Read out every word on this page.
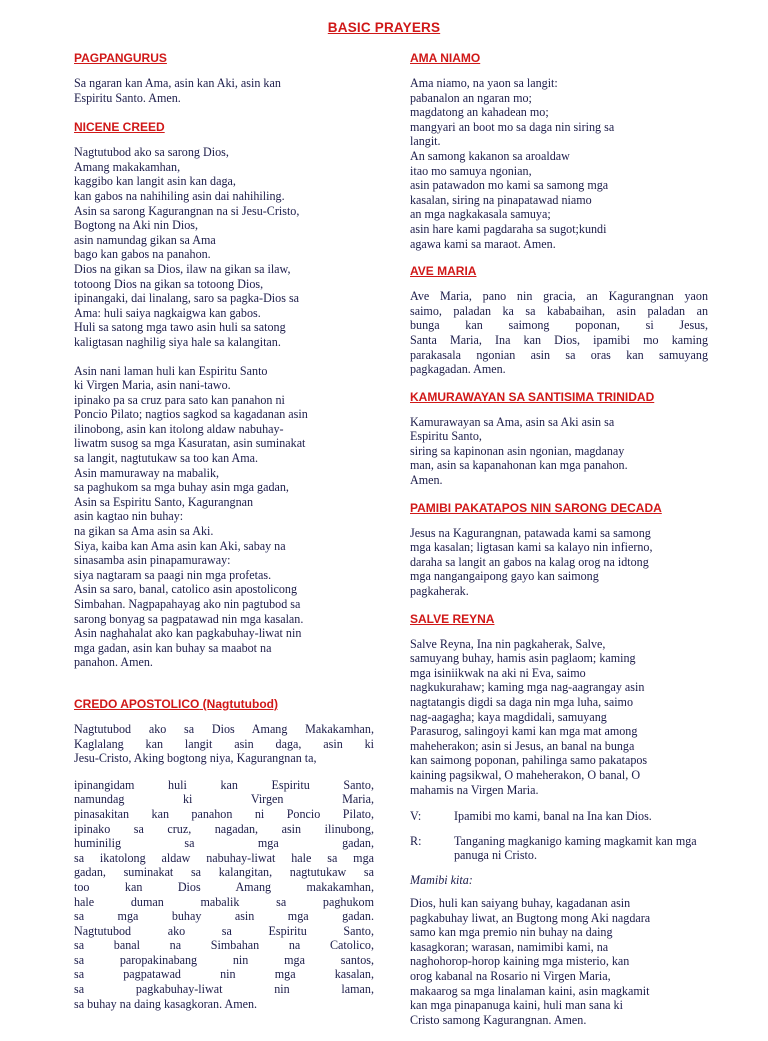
BASIC PRAYERS
PAGPANGURUS
Sa ngaran kan Ama, asin kan Aki, asin kan
Espiritu Santo. Amen.
NICENE CREED
Nagtutubod ako sa sarong Dios,
Amang makakamhan,
kaggibo kan langit asin kan daga,
kan gabos na nahihiling asin dai nahihiling.
Asin sa sarong Kagurangnan na si Jesu-Cristo,
Bogtong na Aki nin Dios,
asin namundag gikan sa Ama
bago kan gabos na panahon.
Dios na gikan sa Dios, ilaw na gikan sa ilaw,
totoong Dios na gikan sa totoong Dios,
ipinangaki, dai linalang, saro sa pagka-Dios sa
Ama: huli saiya nagkaigwa kan gabos.
Huli sa satong mga tawo asin huli sa satong
kaligtasan naghilig siya hale sa kalangitan.
Asin nani laman huli kan Espiritu Santo
ki Virgen Maria, asin nani-tawo.
ipinako pa sa cruz para sato kan panahon ni
Poncio Pilato; nagtios sagkod sa kagadanan asin
ilinobong, asin kan itolong aldaw nabuhay-
liwatm susog sa mga Kasuratan, asin suminakat
sa langit, nagtutukaw sa too kan Ama.
Asin mamuraway na mabalik,
sa paghukom sa mga buhay asin mga gadan,
Asin sa Espiritu Santo, Kagurangnan
asin kagtao nin buhay:
na gikan sa Ama asin sa Aki.
Siya, kaiba kan Ama asin kan Aki, sabay na
sinasamba asin pinapamuraway:
siya nagtaram sa paagi nin mga profetas.
Asin sa saro, banal, catolico asin apostolicong
Simbahan. Nagpapahayag ako nin pagtubod sa
sarong bonyag sa pagpatawad nin mga kasalan.
Asin naghahalat ako kan pagkabuhay-liwat nin
mga gadan, asin kan buhay sa maabot na
panahon. Amen.
CREDO APOSTOLICO (Nagtutubod)
Nagtutubod ako sa Dios Amang Makakamhan,
Kaglalang kan langit asin daga, asin ki
Jesu-Cristo, Aking bogtong niya, Kagurangnan ta,
ipinangidam huli kan Espiritu Santo,
namundag ki Virgen Maria,
pinasakitan kan panahon ni Poncio Pilato,
ipinako sa cruz, nagadan, asin ilinubong,
huminilig sa mga gadan,
sa ikatolong aldaw nabuhay-liwat hale sa mga
gadan, suminakat sa kalangitan, nagtutukaw sa
too kan Dios Amang makakamhan,
hale duman mabalik sa paghukom
sa mga buhay asin mga gadan.
Nagtutubod ako sa Espiritu Santo,
sa banal na Simbahan na Catolico,
sa paropakinabang nin mga santos,
sa pagpatawad nin mga kasalan,
sa pagkabuhay-liwat nin laman,
sa buhay na daing kasagkoran. Amen.
AMA NIAMO
Ama niamo, na yaon sa langit:
pabanalon an ngaran mo;
magdatong an kahadean mo;
mangyari an boot mo sa daga nin siring sa
langit.
An samong kakanon sa aroaldaw
itao mo samuya ngonian,
asin patawadon mo kami sa samong mga
kasalan, siring na pinapatawad niamo
an mga nagkakasala samuya;
asin hare kami pagdaraha sa sugot;kundi
agawa kami sa maraot. Amen.
AVE MARIA
Ave Maria, pano nin gracia, an Kagurangnan yaon
saimo, paladan ka sa kababaihan, asin paladan an
bunga kan saimong poponan, si Jesus,
Santa Maria, Ina kan Dios, ipamibi mo kaming
parakasala ngonian asin sa oras kan samuyang
pagkagadan. Amen.
KAMURAWAYAN SA SANTISIMA TRINIDAD
Kamurawayan sa Ama, asin sa Aki asin sa
Espiritu Santo,
siring sa kapinonan asin ngonian, magdanay
man, asin sa kapanahonan kan mga panahon.
Amen.
PAMIBI PAKATAPOS NIN SARONG DECADA
Jesus na Kagurangnan, patawada kami sa samong
mga kasalan; ligtasan kami sa kalayo nin infierno,
daraha sa langit an gabos na kalag orog na idtong
mga nangangaipong gayo kan saimong
pagkaherak.
SALVE REYNA
Salve Reyna, Ina nin pagkaherak, Salve,
samuyang buhay, hamis asin paglaom; kaming
mga isiniikwak na aki ni Eva, saimo
nagkukurahaw; kaming mga nag-aagrangay asin
nagtatangis digdi sa daga nin mga luha, saimo
nag-aagagha; kaya magdidali, samuyang
Parasurog, salingoyi kami kan mga mat among
maheherakon; asin si Jesus, an banal na bunga
kan saimong poponan, pahilinga samo pakatapos
kaining pagsikwal, O maheherakon, O banal, O
mahamis na Virgen Maria.
V:	Ipamibi mo kami, banal na Ina kan Dios.
R:	Tanganing magkanigo kaming magkamit kan mga panuga ni Cristo.
Mamibi kita:
Dios, huli kan saiyang buhay, kagadanan asin
pagkabuhay liwat, an Bugtong mong Aki nagdara
samo kan mga premio nin buhay na daing
kasagkoran; warasan, namimibi kami, na
naghohorop-horop kaining mga misterio, kan
orog kabanal na Rosario ni Virgen Maria,
makaarog sa mga linalaman kaini, asin magkamit
kan mga pinapanuga kaini, huli man sana ki
Cristo samong Kagurangnan. Amen.
